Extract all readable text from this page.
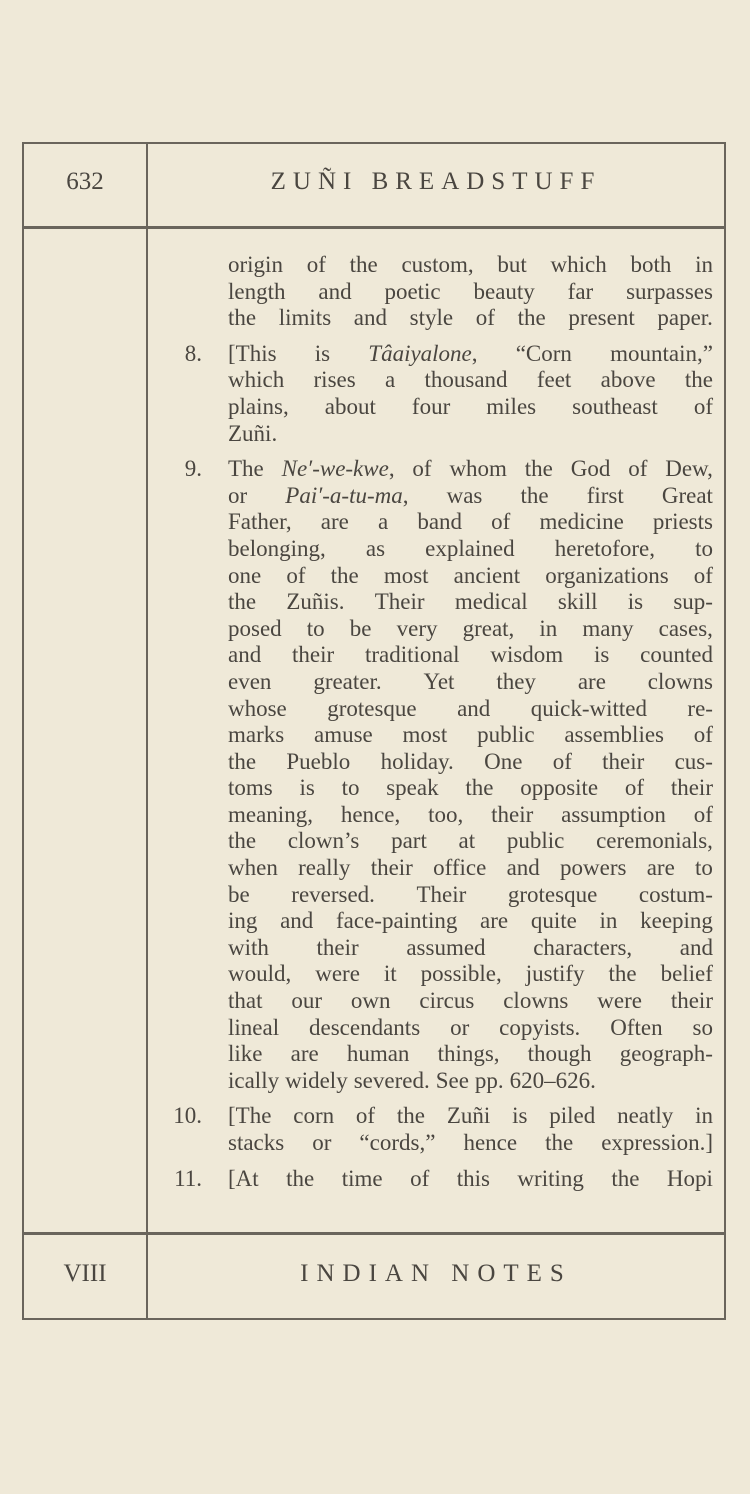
632	ZUÑI BREADSTUFF
VIII	INDIAN NOTES
origin of the custom, but which both in
length and poetic beauty far surpasses
the limits and style of the present paper.
8. [This is Tâaiyalone, “Corn mountain,”
which rises a thousand feet above the
plains, about four miles southeast of
Zuñi.
9. The Ne′-we-kwe, of whom the God of Dew,
or Pai′-a-tu-ma, was the first Great
Father, are a band of medicine priests
belonging, as explained heretofore, to
one of the most ancient organizations of
the Zuñis. Their medical skill is sup-
posed to be very great, in many cases,
and their traditional wisdom is counted
even greater. Yet they are clowns
whose grotesque and quick-witted re-
marks amuse most public assemblies of
the Pueblo holiday. One of their cus-
toms is to speak the opposite of their
meaning, hence, too, their assumption of
the clown’s part at public ceremonials,
when really their office and powers are to
be reversed. Their grotesque costum-
ing and face-painting are quite in keeping
with their assumed characters, and
would, were it possible, justify the belief
that our own circus clowns were their
lineal descendants or copyists. Often so
like are human things, though geograph-
ically widely severed. See pp. 620–626.
10. [The corn of the Zuñi is piled neatly in
stacks or “cords,” hence the expression.]
11. [At the time of this writing the Hopi
